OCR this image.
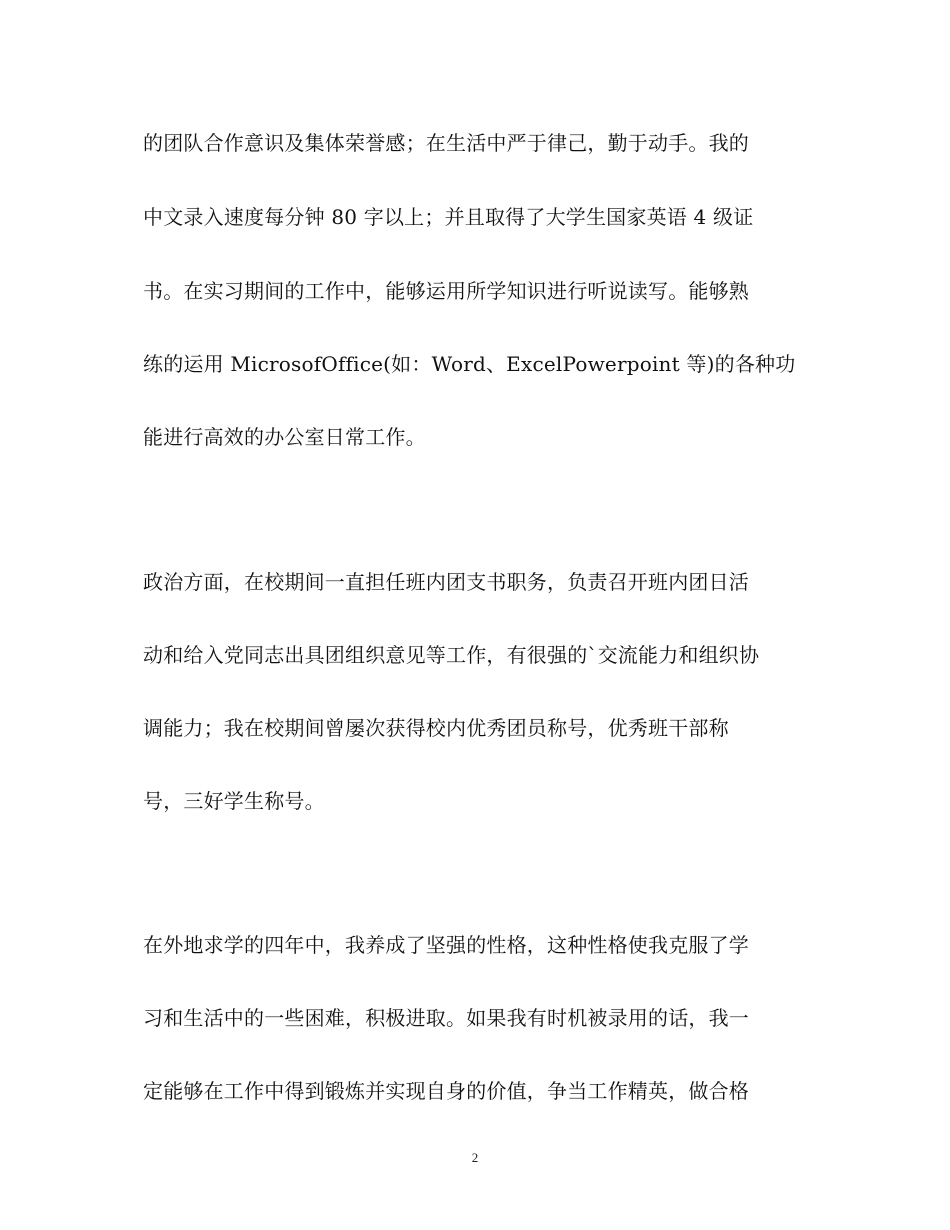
的团队合作意识及集体荣誉感；在生活中严于律己，勤于动手。我的
中文录入速度每分钟 80 字以上；并且取得了大学生国家英语 4 级证
书。在实习期间的工作中，能够运用所学知识进行听说读写。能够熟
练的运用 MicrosofOffice(如：Word、ExcelPowerpoint 等)的各种功
能进行高效的办公室日常工作。
政治方面，在校期间一直担任班内团支书职务，负责召开班内团日活
动和给入党同志出具团组织意见等工作，有很强的`交流能力和组织协
调能力；我在校期间曾屡次获得校内优秀团员称号，优秀班干部称
号，三好学生称号。
在外地求学的四年中，我养成了坚强的性格，这种性格使我克服了学
习和生活中的一些困难，积极进取。如果我有时机被录用的话，我一
定能够在工作中得到锻炼并实现自身的价值，争当工作精英，做合格
2
